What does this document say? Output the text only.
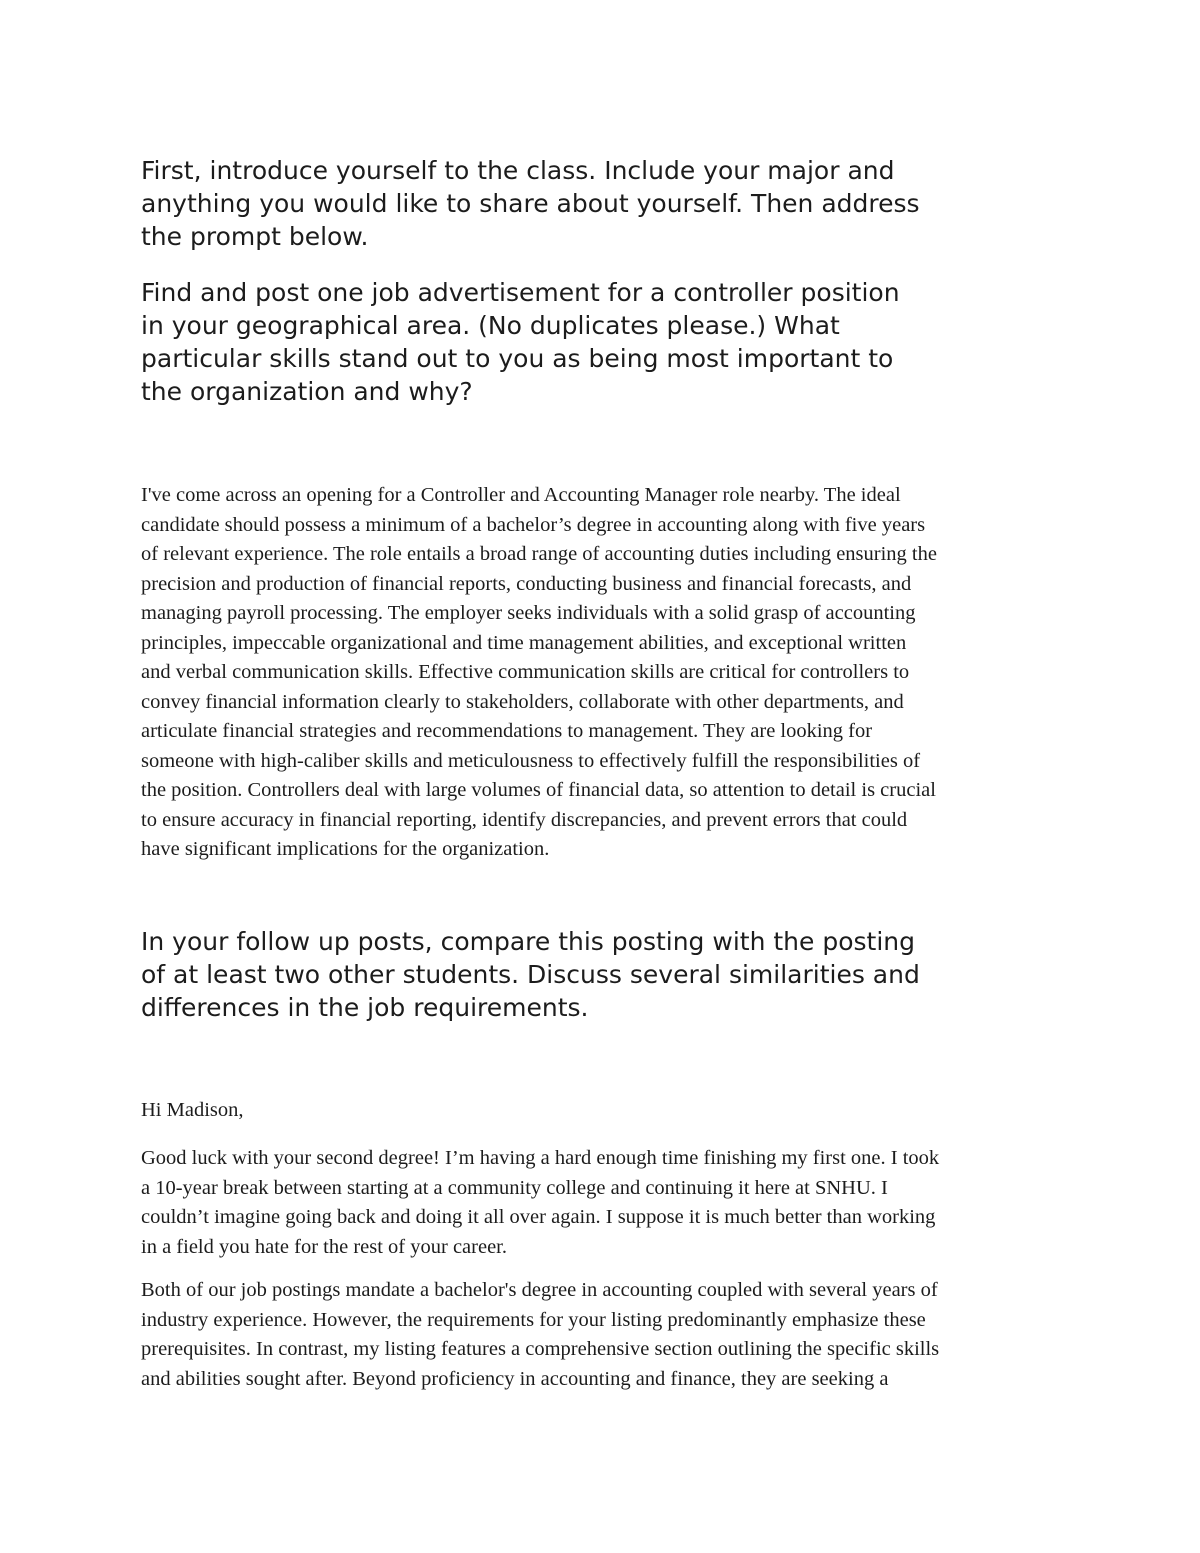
First, introduce yourself to the class. Include your major and
anything you would like to share about yourself. Then address
the prompt below.
Find and post one job advertisement for a controller position
in your geographical area. (No duplicates please.) What
particular skills stand out to you as being most important to
the organization and why?
I've come across an opening for a Controller and Accounting Manager role nearby. The ideal
candidate should possess a minimum of a bachelor’s degree in accounting along with five years
of relevant experience. The role entails a broad range of accounting duties including ensuring the
precision and production of financial reports, conducting business and financial forecasts, and
managing payroll processing. The employer seeks individuals with a solid grasp of accounting
principles, impeccable organizational and time management abilities, and exceptional written
and verbal communication skills. Effective communication skills are critical for controllers to
convey financial information clearly to stakeholders, collaborate with other departments, and
articulate financial strategies and recommendations to management. They are looking for
someone with high-caliber skills and meticulousness to effectively fulfill the responsibilities of
the position. Controllers deal with large volumes of financial data, so attention to detail is crucial
to ensure accuracy in financial reporting, identify discrepancies, and prevent errors that could
have significant implications for the organization.
In your follow up posts, compare this posting with the posting
of at least two other students. Discuss several similarities and
differences in the job requirements.
Hi Madison,
Good luck with your second degree! I’m having a hard enough time finishing my first one. I took
a 10-year break between starting at a community college and continuing it here at SNHU. I
couldn’t imagine going back and doing it all over again. I suppose it is much better than working
in a field you hate for the rest of your career.
Both of our job postings mandate a bachelor's degree in accounting coupled with several years of
industry experience. However, the requirements for your listing predominantly emphasize these
prerequisites. In contrast, my listing features a comprehensive section outlining the specific skills
and abilities sought after. Beyond proficiency in accounting and finance, they are seeking a
